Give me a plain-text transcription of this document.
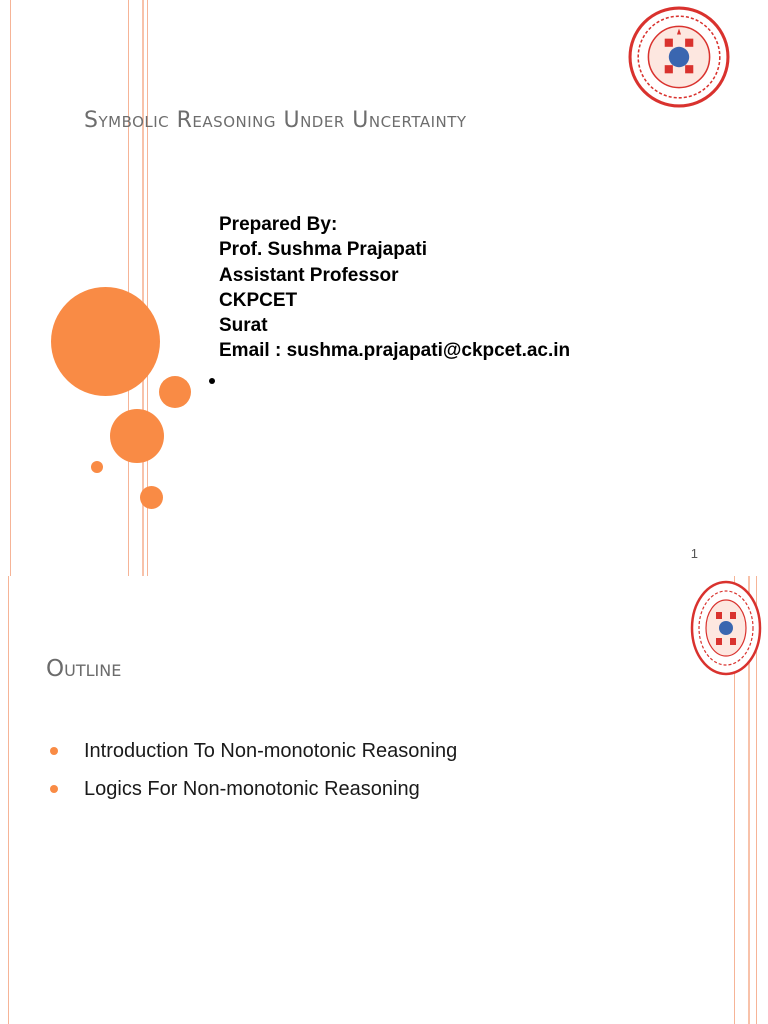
Symbolic Reasoning Under Uncertainty
Prepared By:
Prof. Sushma Prajapati
Assistant Professor
CKPCET
Surat
Email : sushma.prajapati@ckpcet.ac.in
1
Outline
Introduction To Non-monotonic Reasoning
Logics For Non-monotonic Reasoning
